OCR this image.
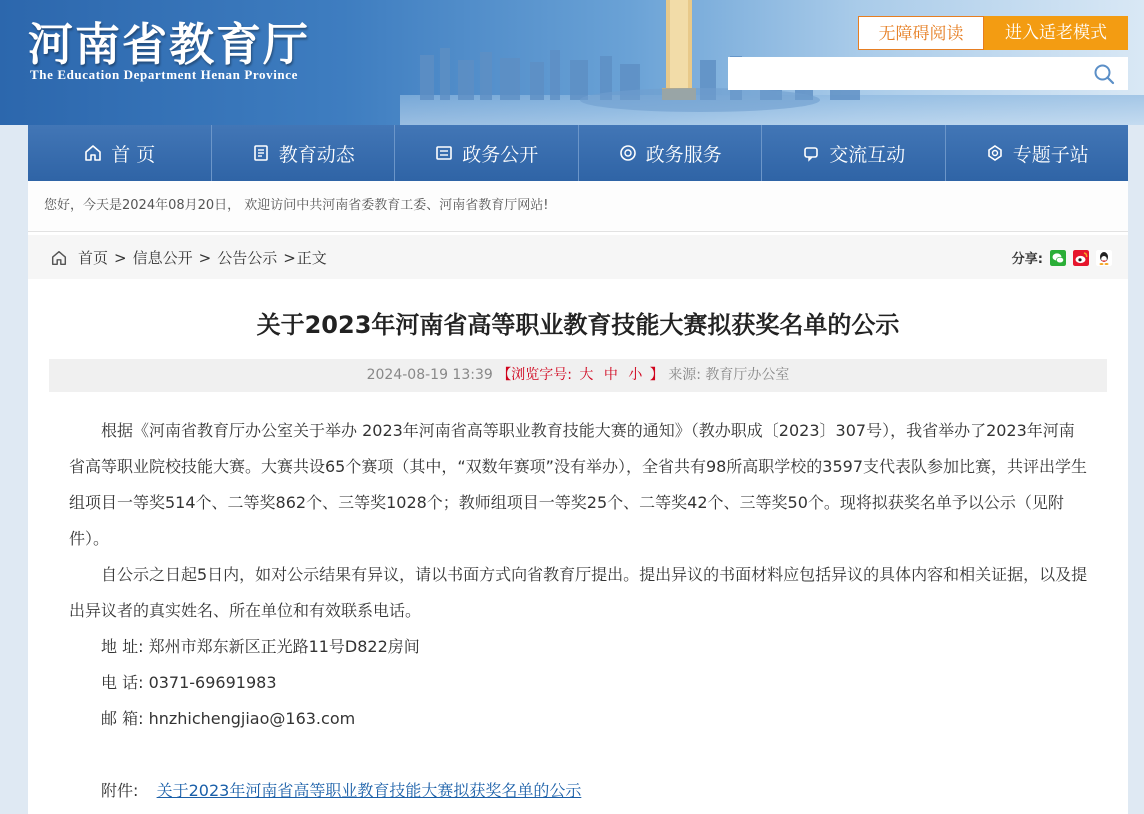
河南省教育厅
The Education Department Henan Province
无障碍阅读	进入适老模式
首 页	教育动态	政务公开	政务服务	交流互动	专题子站
您好，今天是2024年08月20日， 欢迎访问中共河南省委教育工委、河南省教育厅网站!
首页 > 信息公开 > 公告公示 > 正文	分享:
关于2023年河南省高等职业教育技能大赛拟获奖名单的公示
2024-08-19 13:39 【浏览字号: 大 中 小 】 来源: 教育厅办公室

根据《河南省教育厅办公室关于举办 2023年河南省高等职业教育技能大赛的通知》（教办职成〔2023〕307号），我省举办了2023年河南省高等职业院校技能大赛。大赛共设65个赛项（其中，“双数年赛项”没有举办），全省共有98所高职学校的3597支代表队参加比赛，共评出学生组项目一等奖514个、二等奖862个、三等奖1028个；教师组项目一等奖25个、二等奖42个、三等奖50个。现将拟获奖名单予以公示（见附件）。

自公示之日起5日内，如对公示结果有异议，请以书面方式向省教育厅提出。提出异议的书面材料应包括异议的具体内容和相关证据，以及提出异议者的真实姓名、所在单位和有效联系电话。

地 址: 郑州市郑东新区正光路11号D822房间
电 话: 0371-69691983
邮 箱: hnzhichengjiao@163.com
附件: 关于2023年河南省高等职业教育技能大赛拟获奖名单的公示
